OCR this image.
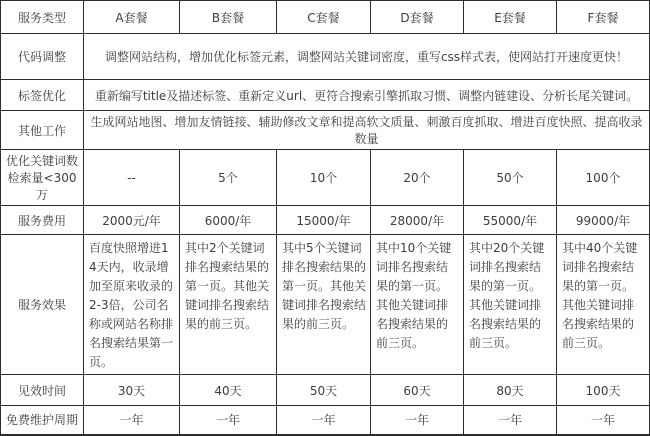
服务类型	A套餐	B套餐	C套餐	D套餐	E套餐	F套餐
代码调整	调整网站结构，增加优化标签元素，调整网站关键词密度，重写css样式表，使网站打开速度更快！					
标签优化	重新编写title及描述标签、重新定义url、更符合搜索引擎抓取习惯、调整内链建设、分析长尾关键词。					
其他工作	生成网站地图、增加友情链接、辅助修改文章和提高软文质量、刺激百度抓取、增进百度快照、提高收录数量					
优化关键词数检索量<300万	--	5个	10个	20个	50个	100个
服务费用	2000元/年	6000/年	15000/年	28000/年	55000/年	99000/年
服务效果	百度快照增进14天内，收录增加至原来收录的2-3倍，公司名称或网站名称排名搜索结果第一页。	其中2个关键词排名搜索结果的第一页。其他关键词排名搜索结果的前三页。	其中5个关键词排名搜索结果的第一页。其他关键词排名搜索结果的前三页。	其中10个关键词排名搜索结果的第一页。其他关键词排名搜索结果的前三页。	其中20个关键词排名搜索结果的第一页。其他关键词排名搜索结果的前三页。	其中40个关键词排名搜索结果的第一页。其他关键词排名搜索结果的前三页。
见效时间	30天	40天	50天	60天	80天	100天
免费维护周期	一年	一年	一年	一年	一年	一年
